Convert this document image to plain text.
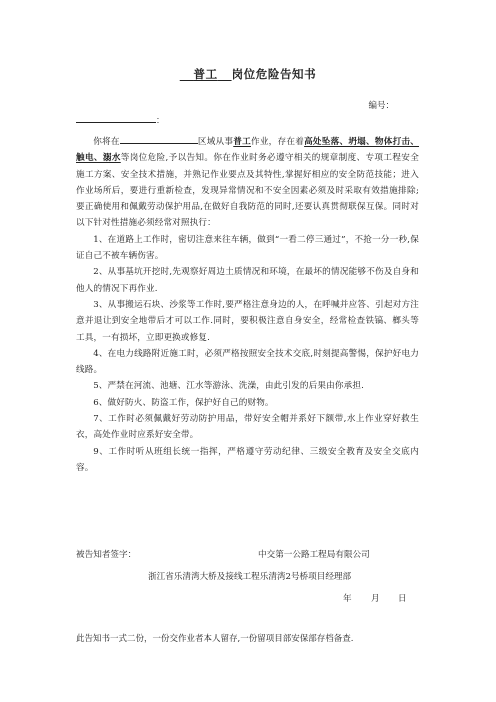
普工 岗位危险告知书
编号：
：

你将在	区域从事普工作业，存在着高处坠落、坍塌、物体打击、触电、溺水等岗位危险,予以告知。你在作业时务必遵守相关的规章制度、专项工程安全施工方案、安全技术措施，并熟记作业要点及其特性,掌握好相应的安全防范技能；进入作业场所后，要进行重新检查，发现异常情况和不安全因素必须及时采取有效措施排除;要正确使用和佩戴劳动保护用品,在做好自我防范的同时,还要认真贯彻联保互保。同时对以下针对性措施必须经常对照执行：

1、在道路上工作时，密切注意来往车辆，做到“一看二停三通过”，不抢一分一秒,保证自己不被车辆伤害。

2、从事基坑开挖时,先观察好周边土质情况和环境，在最坏的情况能够不伤及自身和他人的情况下再作业.

3、从事搬运石块、沙浆等工作时,要严格注意身边的人，在呼喊并应答、引起对方注意并退让到安全地带后才可以工作.同时，要积极注意自身安全，经常检查铁镐、榔头等工具，一有损坏，立即更换或修复.

4、在电力线路附近施工时，必须严格按照安全技术交底,时刻提高警惕，保护好电力线路。

5、严禁在河流、池塘、江水等游泳、洗澡，由此引发的后果由你承担.

6、做好防火、防盗工作，保护好自己的财物。

7、工作时必须佩戴好劳动防护用品，带好安全帽并系好下额带,水上作业穿好救生衣，高处作业时应系好安全带。

9、工作时听从班组长统一指挥，严格遵守劳动纪律、三级安全教育及安全交底内容。

被告知者签字：	中交第一公路工程局有限公司
浙江省乐清湾大桥及接线工程乐清湾2号桥项目经理部
年 月 日
此告知书一式二份，一份交作业者本人留存,一份留项目部安保部存档备查.
